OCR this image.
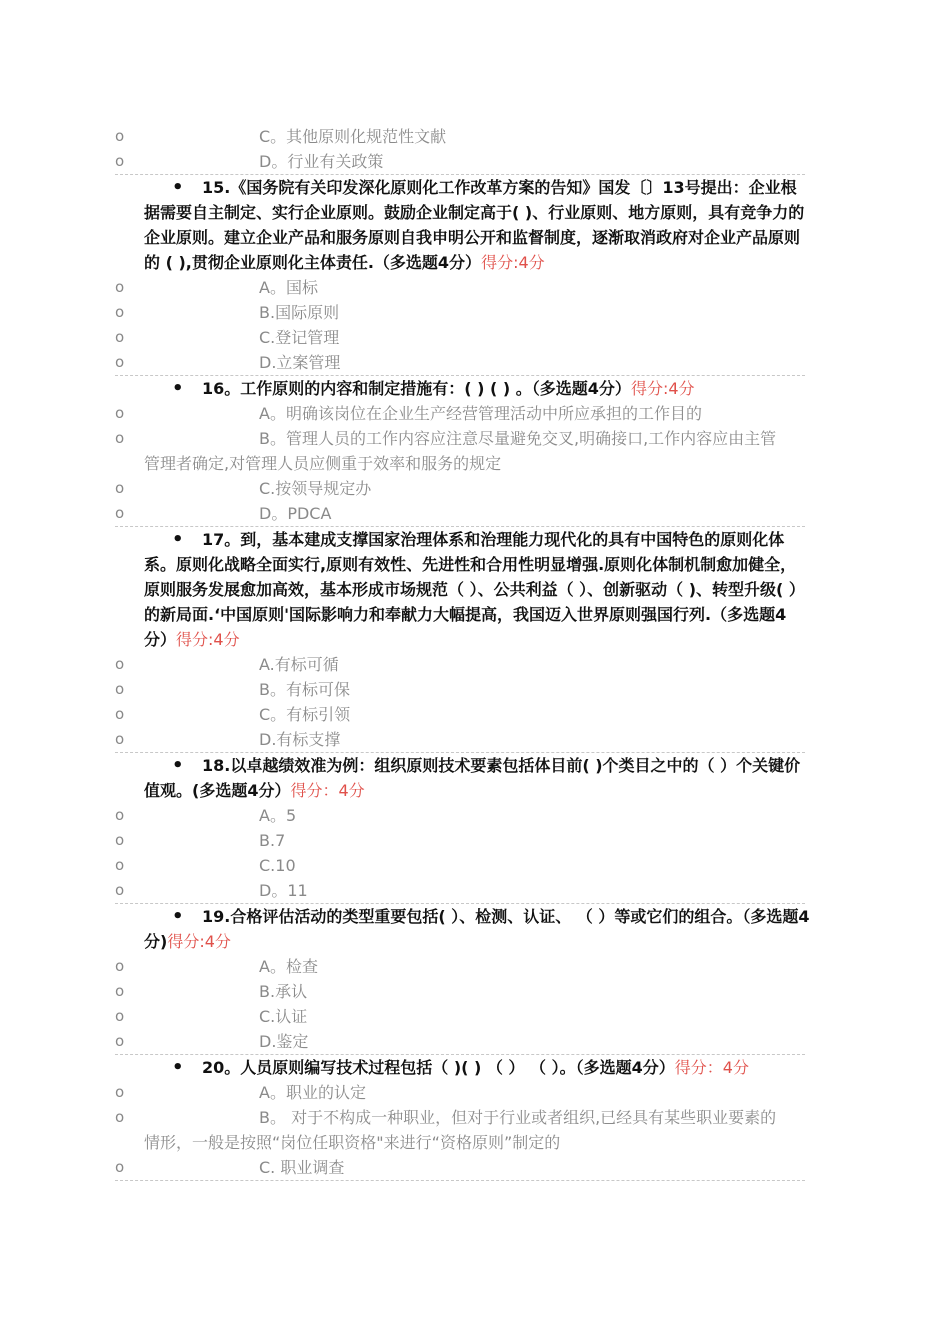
o	C。其他原则化规范性文献
o	D。行业有关政策
• 15.《国务院有关印发深化原则化工作改革方案的告知》国发〔〕13号提出：企业根据需要自主制定、实行企业原则。鼓励企业制定高于( )、行业原则、地方原则，具有竞争力的企业原则。建立企业产品和服务原则自我申明公开和监督制度，逐渐取消政府对企业产品原则的 ( ),贯彻企业原则化主体责任.（多选题4分）得分:4分
o	A。国标
o	B.国际原则
o	C.登记管理
o	D.立案管理
• 16。工作原则的内容和制定措施有：( ) ( ) 。（多选题4分）得分:4分
o	A。明确该岗位在企业生产经营管理活动中所应承担的工作目的
o	B。管理人员的工作内容应注意尽量避免交叉,明确接口,工作内容应由主管
管理者确定,对管理人员应侧重于效率和服务的规定
o	C.按领导规定办
o	D。PDCA
• 17。到，基本建成支撑国家治理体系和治理能力现代化的具有中国特色的原则化体系。原则化战略全面实行,原则有效性、先进性和合用性明显增强.原则化体制机制愈加健全，原则服务发展愈加高效，基本形成市场规范（ ）、公共利益（ ）、创新驱动（ )、转型升级( ）的新局面.‘中国原则'国际影响力和奉献力大幅提高，我国迈入世界原则强国行列.（多选题4分）得分:4分
o	A.有标可循
o	B。有标可保
o	C。有标引领
o	D.有标支撑
• 18.以卓越绩效准为例：组织原则技术要素包括体目前( )个类目之中的（ ）个关键价值观。(多选题4分）得分：4分
o	A。5
o	B.7
o	C.10
o	D。11
• 19.合格评估活动的类型重要包括( ）、检测、认证、 （ ）等或它们的组合。（多选题4分)得分:4分
o	A。检查
o	B.承认
o	C.认证
o	D.鉴定
• 20。人员原则编写技术过程包括（ )( ) （ ） （ ）。（多选题4分）得分：4分
o	A。职业的认定
o	B。 对于不构成一种职业，但对于行业或者组织,已经具有某些职业要素的
情形，一般是按照“岗位任职资格"来进行“资格原则”制定的
o	C. 职业调查
